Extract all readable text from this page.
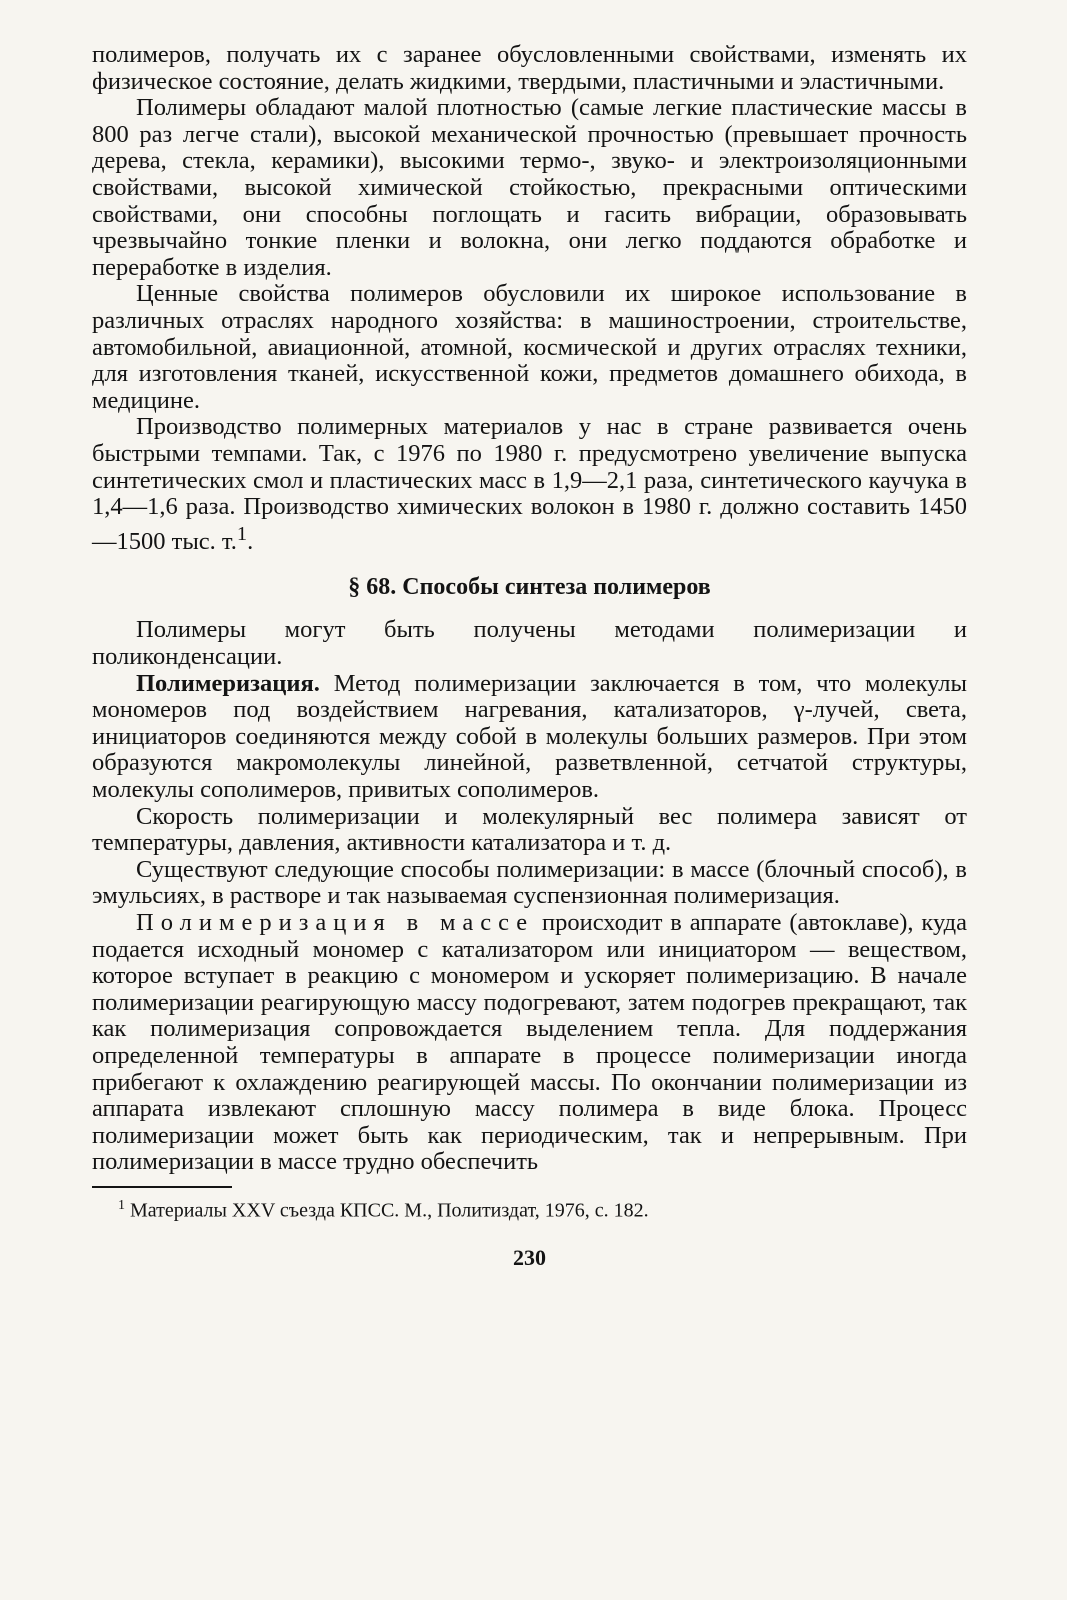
полимеров, получать их с заранее обусловленными свойствами, изменять их физическое состояние, делать жидкими, твердыми, пластичными и эластичными.

Полимеры обладают малой плотностью (самые легкие пластические массы в 800 раз легче стали), высокой механической прочностью (превышает прочность дерева, стекла, керамики), высокими термо-, звуко- и электроизоляционными свойствами, высокой химической стойкостью, прекрасными оптическими свойствами, они способны поглощать и гасить вибрации, образовывать чрезвычайно тонкие пленки и волокна, они легко поддаются обработке и переработке в изделия.

Ценные свойства полимеров обусловили их широкое использование в различных отраслях народного хозяйства: в машиностроении, строительстве, автомобильной, авиационной, атомной, космической и других отраслях техники, для изготовления тканей, искусственной кожи, предметов домашнего обихода, в медицине.

Производство полимерных материалов у нас в стране развивается очень быстрыми темпами. Так, с 1976 по 1980 г. предусмотрено увеличение выпуска синтетических смол и пластических масс в 1,9—2,1 раза, синтетического каучука в 1,4—1,6 раза. Производство химических волокон в 1980 г. должно составить 1450—1500 тыс. т.$^1$.

§ 68. Способы синтеза полимеров

Полимеры могут быть получены методами полимеризации и поликонденсации.

Полимеризация. Метод полимеризации заключается в том, что молекулы мономеров под воздействием нагревания, катализаторов, γ-лучей, света, инициаторов соединяются между собой в молекулы больших размеров. При этом образуются макромолекулы линейной, разветвленной, сетчатой структуры, молекулы сополимеров, привитых сополимеров.

Скорость полимеризации и молекулярный вес полимера зависят от температуры, давления, активности катализатора и т. д.

Существуют следующие способы полимеризации: в массе (блочный способ), в эмульсиях, в растворе и так называемая суспензионная полимеризация.

Полимеризация в массе происходит в аппарате (автоклаве), куда подается исходный мономер с катализатором или инициатором — веществом, которое вступает в реакцию с мономером и ускоряет полимеризацию. В начале полимеризации реагирующую массу подогревают, затем подогрев прекращают, так как полимеризация сопровождается выделением тепла. Для поддержания определенной температуры в аппарате в процессе полимеризации иногда прибегают к охлаждению реагирующей массы. По окончании полимеризации из аппарата извлекают сплошную массу полимера в виде блока. Процесс полимеризации может быть как периодическим, так и непрерывным. При полимеризации в массе трудно обеспечить

$^1$ Материалы XXV съезда КПСС. М., Политиздат, 1976, с. 182.
230
